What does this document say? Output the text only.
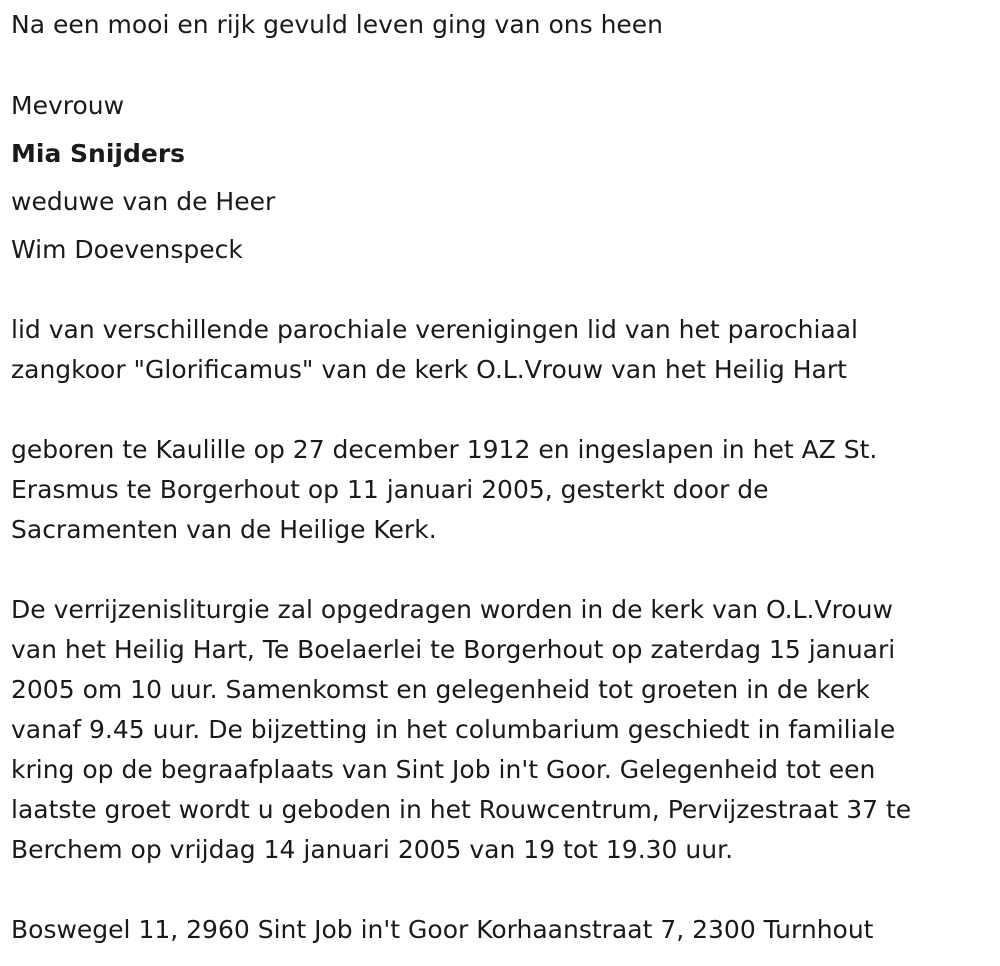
Na een mooi en rijk gevuld leven ging van ons heen
Mevrouw
Mia Snijders
weduwe van de Heer
Wim Doevenspeck
lid van verschillende parochiale verenigingen lid van het parochiaal
zangkoor "Glorificamus" van de kerk O.L.Vrouw van het Heilig Hart
geboren te Kaulille op 27 december 1912 en ingeslapen in het AZ St.
Erasmus te Borgerhout op 11 januari 2005, gesterkt door de
Sacramenten van de Heilige Kerk.
De verrijzenisliturgie zal opgedragen worden in de kerk van O.L.Vrouw
van het Heilig Hart, Te Boelaerlei te Borgerhout op zaterdag 15 januari
2005 om 10 uur. Samenkomst en gelegenheid tot groeten in de kerk
vanaf 9.45 uur. De bijzetting in het columbarium geschiedt in familiale
kring op de begraafplaats van Sint Job in't Goor. Gelegenheid tot een
laatste groet wordt u geboden in het Rouwcentrum, Pervijzestraat 37 te
Berchem op vrijdag 14 januari 2005 van 19 tot 19.30 uur.
Boswegel 11, 2960 Sint Job in't Goor Korhaanstraat 7, 2300 Turnhout
